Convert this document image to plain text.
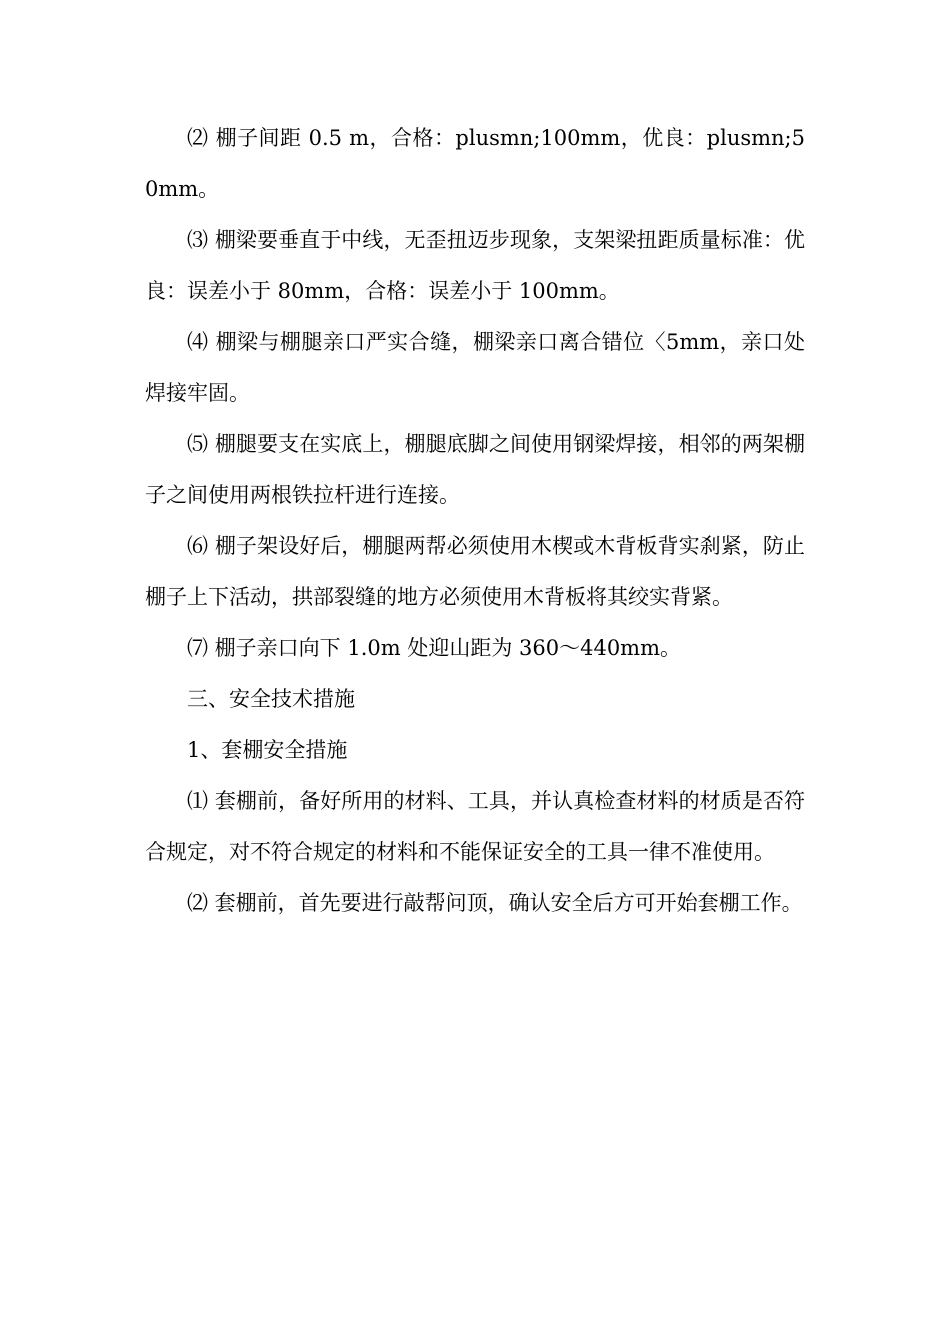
⑵ 棚子间距 0.5 m，合格：plusmn;100mm，优良：plusmn;50mm。

⑶ 棚梁要垂直于中线，无歪扭迈步现象，支架梁扭距质量标准：优良：误差小于 80mm，合格：误差小于 100mm。

⑷ 棚梁与棚腿亲口严实合缝，棚梁亲口离合错位〈5mm，亲口处焊接牢固。

⑸ 棚腿要支在实底上，棚腿底脚之间使用钢梁焊接，相邻的两架棚子之间使用两根铁拉杆进行连接。

⑹ 棚子架设好后，棚腿两帮必须使用木楔或木背板背实刹紧，防止棚子上下活动，拱部裂缝的地方必须使用木背板将其绞实背紧。

⑺ 棚子亲口向下 1.0m 处迎山距为 360～440mm。

三、安全技术措施

1、套棚安全措施

⑴ 套棚前，备好所用的材料、工具，并认真检查材料的材质是否符合规定，对不符合规定的材料和不能保证安全的工具一律不准使用。

⑵ 套棚前，首先要进行敲帮问顶，确认安全后方可开始套棚工作。
